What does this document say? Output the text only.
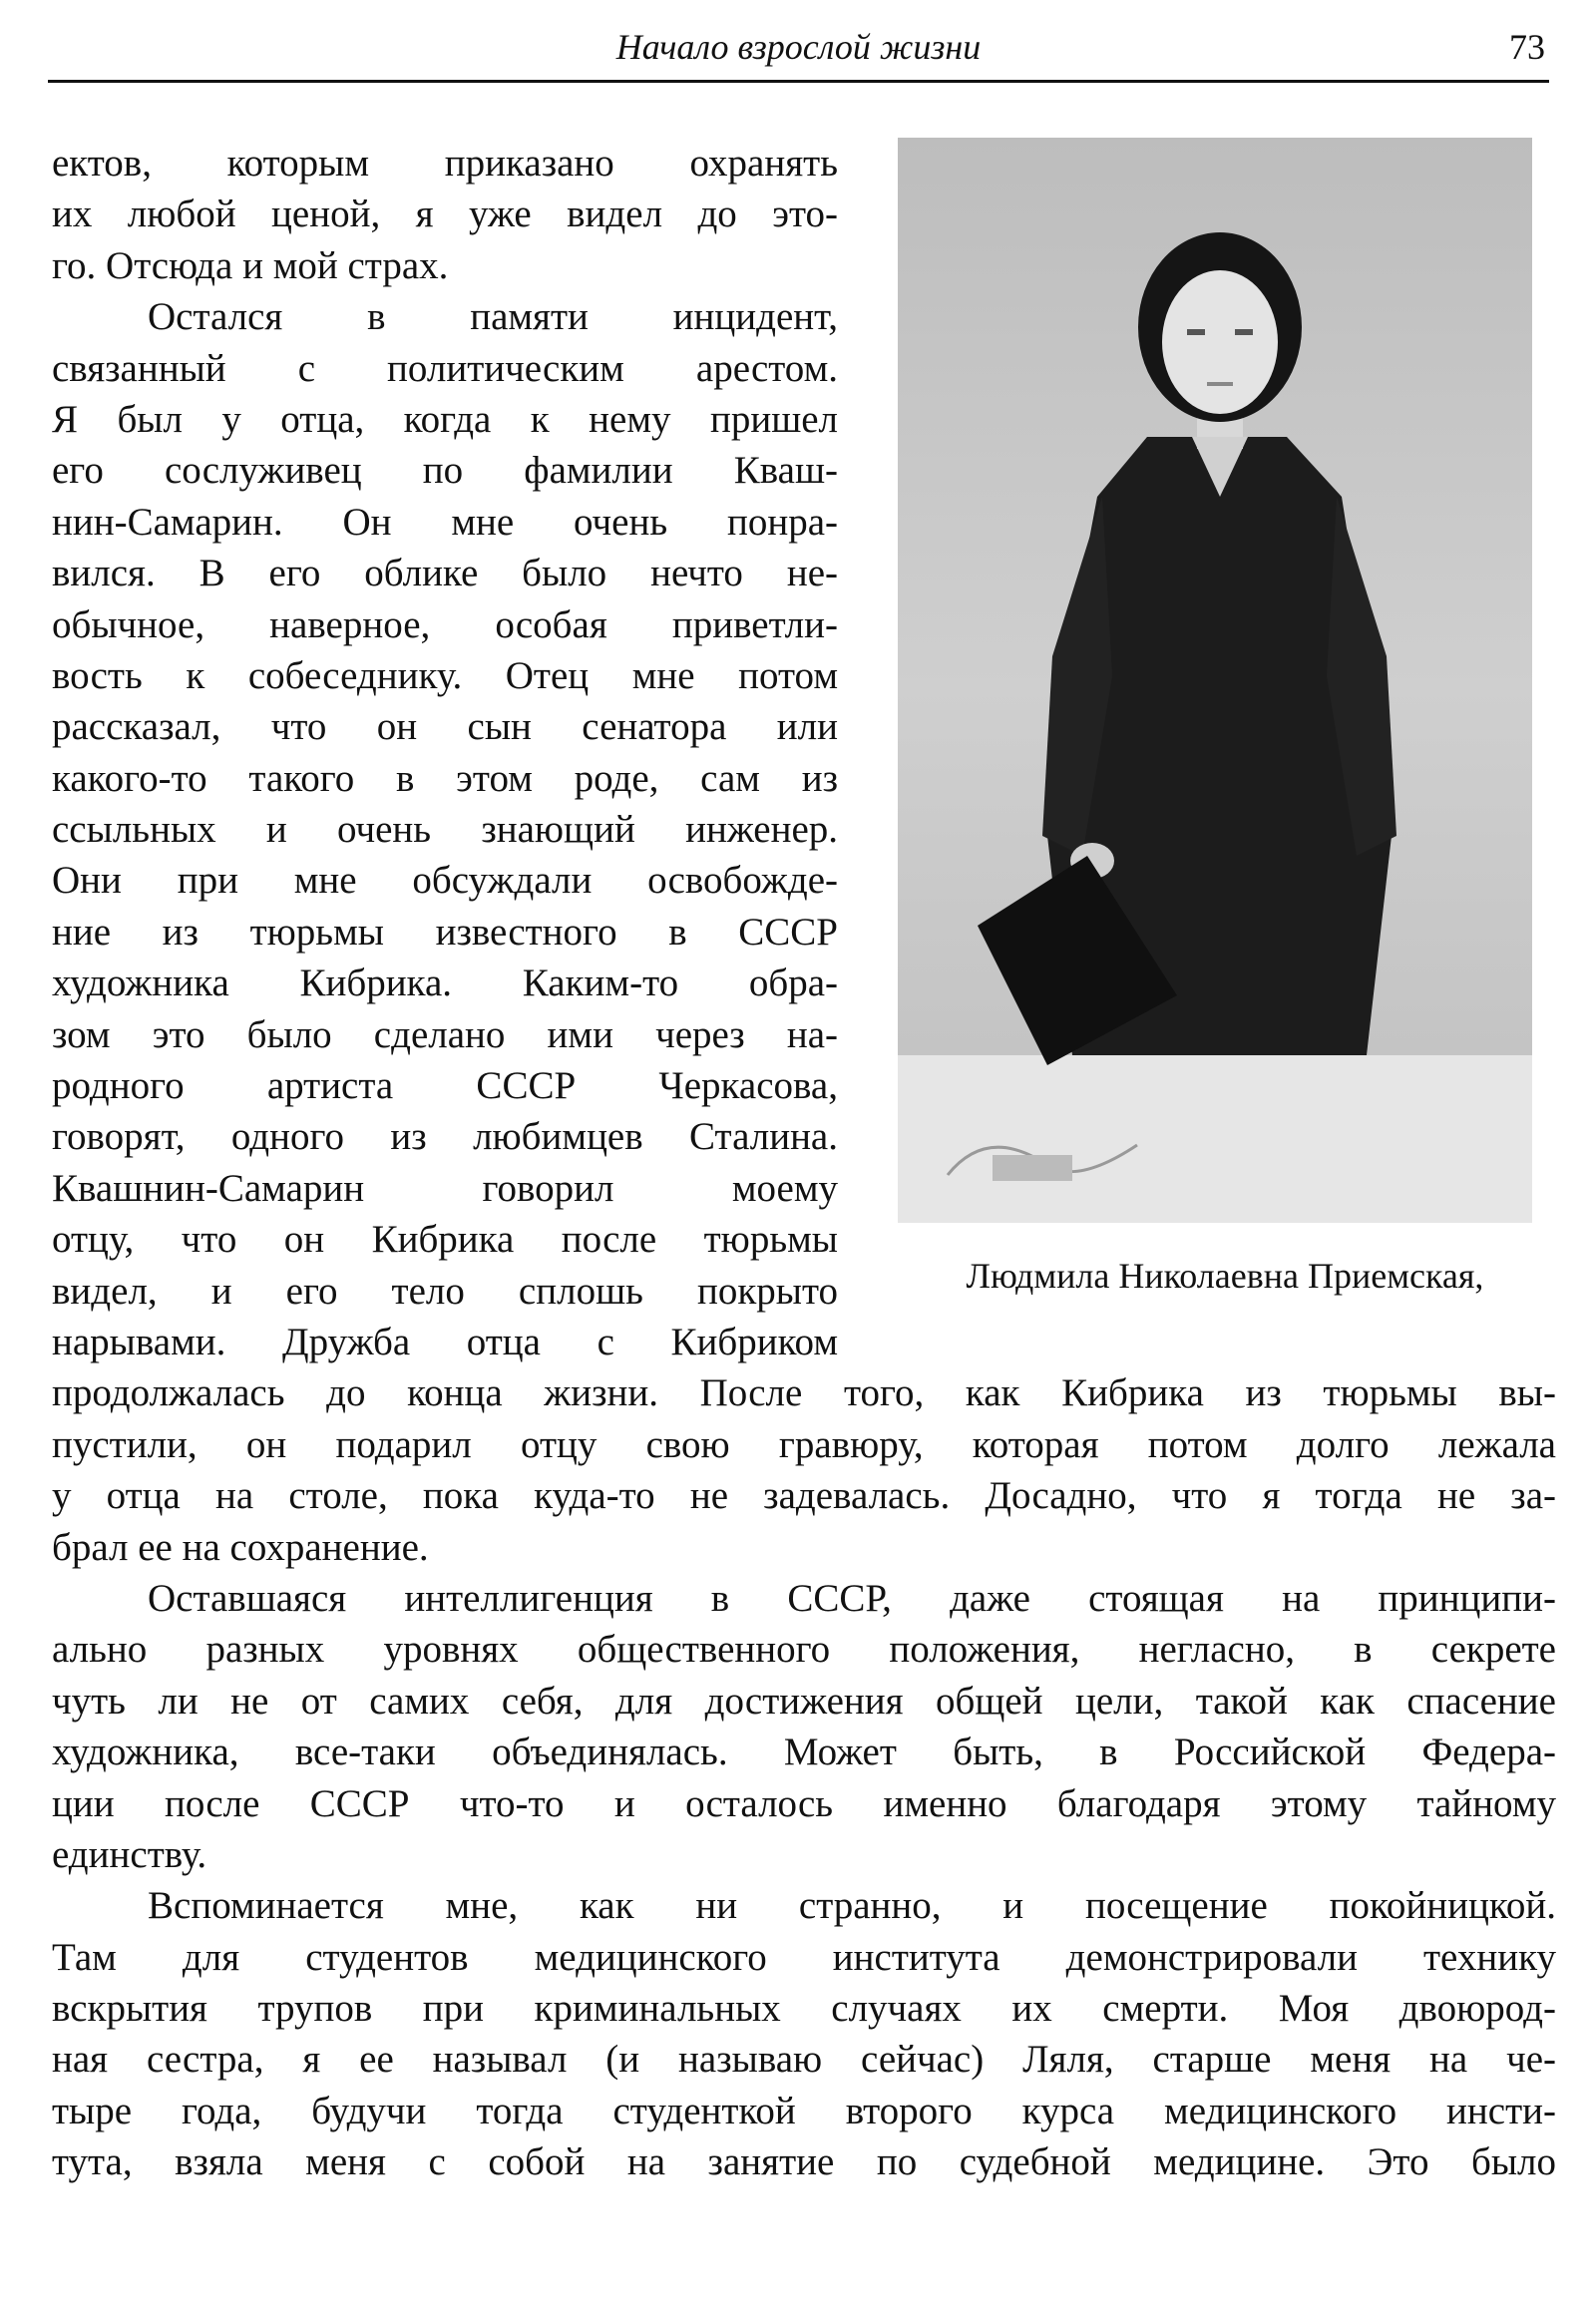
Начало взрослой жизни	73
Людмила Николаевна Приемская,
ектов, которым приказано охранять
их любой ценой, я уже видел до это-
го. Отсюда и мой страх.
Остался в памяти инцидент,
связанный с политическим арестом.
Я был у отца, когда к нему пришел
его сослуживец по фамилии Кваш-
нин-Самарин. Он мне очень понра-
вился. В его облике было нечто не-
обычное, наверное, особая приветли-
вость к собеседнику. Отец мне потом
рассказал, что он сын сенатора или
какого-то такого в этом роде, сам из
ссыльных и очень знающий инженер.
Они при мне обсуждали освобожде-
ние из тюрьмы известного в СССР
художника Кибрика. Каким-то обра-
зом это было сделано ими через на-
родного артиста СССР Черкасова,
говорят, одного из любимцев Сталина.
Квашнин-Самарин говорил моему
отцу, что он Кибрика после тюрьмы
видел, и его тело сплошь покрыто
нарывами. Дружба отца с Кибриком
продолжалась до конца жизни. После того, как Кибрика из тюрьмы вы-
пустили, он подарил отцу свою гравюру, которая потом долго лежала
у отца на столе, пока куда-то не задевалась. Досадно, что я тогда не за-
брал ее на сохранение.
Оставшаяся интеллигенция в СССР, даже стоящая на принципи-
ально разных уровнях общественного положения, негласно, в секрете
чуть ли не от самих себя, для достижения общей цели, такой как спасение
художника, все-таки объединялась. Может быть, в Российской Федера-
ции после СССР что-то и осталось именно благодаря этому тайному
единству.
Вспоминается мне, как ни странно, и посещение покойницкой.
Там для студентов медицинского института демонстрировали технику
вскрытия трупов при криминальных случаях их смерти. Моя двоюрод-
ная сестра, я ее называл (и называю сейчас) Ляля, старше меня на че-
тыре года, будучи тогда студенткой второго курса медицинского инсти-
тута, взяла меня с собой на занятие по судебной медицине. Это было
